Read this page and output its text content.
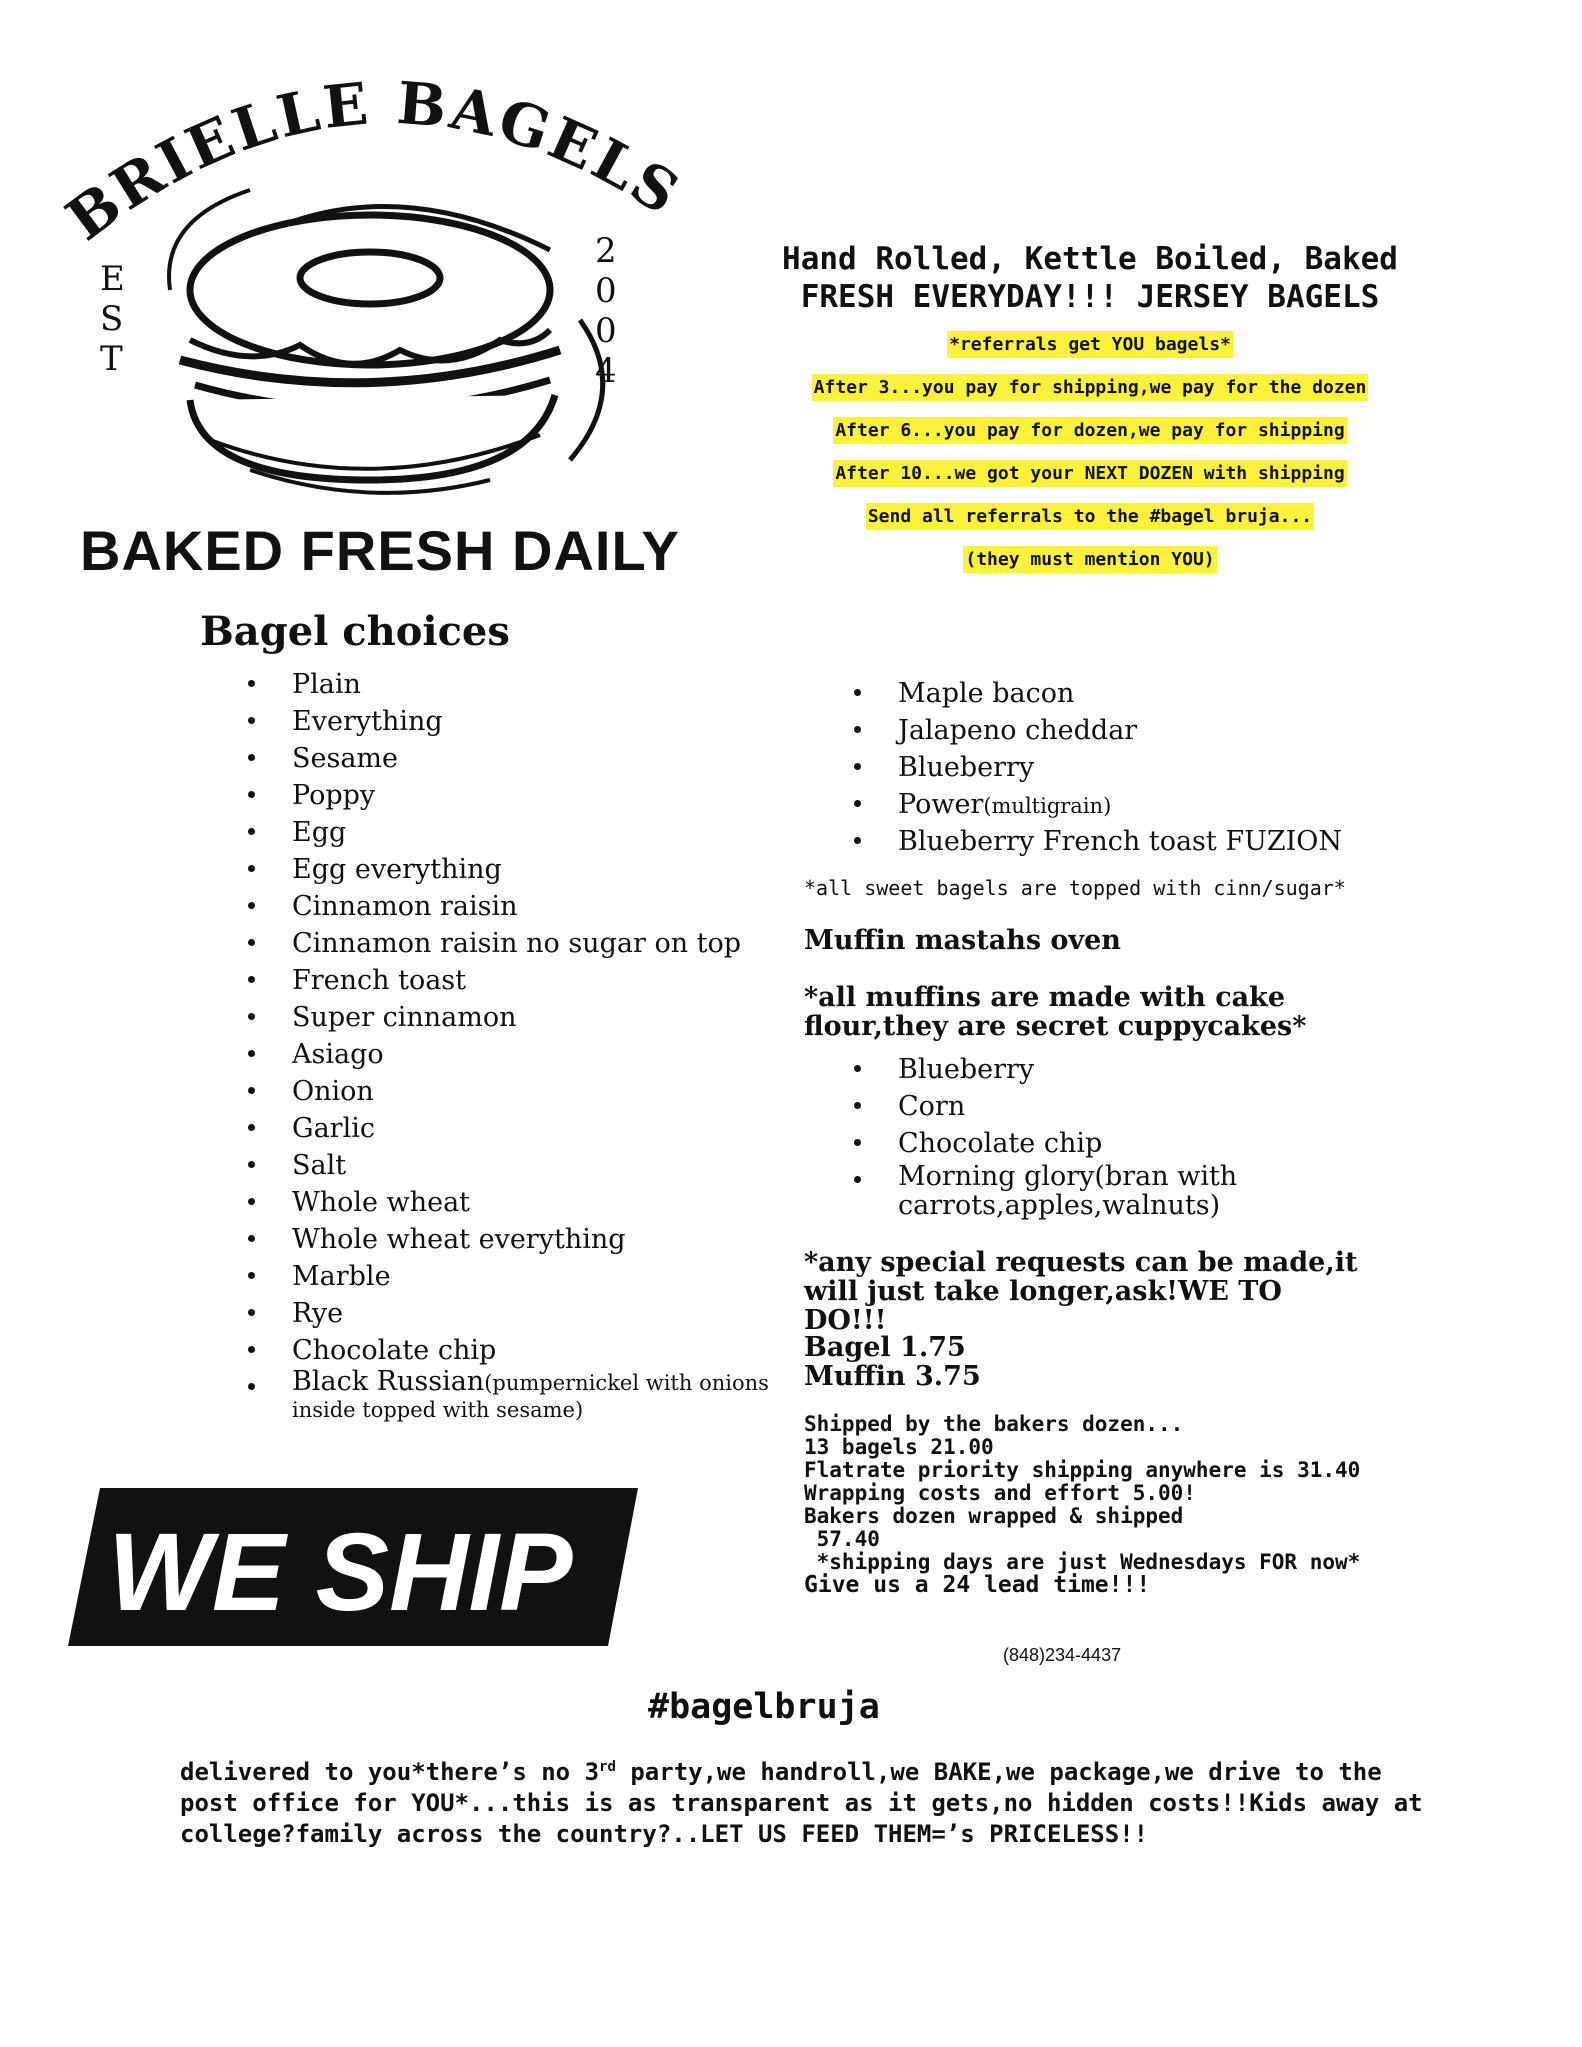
BRIELLE BAGELS
E
S
T
2
0
0
4
BAKED FRESH DAILY
Hand Rolled, Kettle Boiled, Baked
FRESH EVERYDAY!!! JERSEY BAGELS
*referrals get YOU bagels*
After 3...you pay for shipping,we pay for the dozen
After 6...you pay for dozen,we pay for shipping
After 10...we got your NEXT DOZEN with shipping
Send all referrals to the #bagel bruja...
(they must mention YOU)
Bagel choices
Plain
Everything
Sesame
Poppy
Egg
Egg everything
Cinnamon raisin
Cinnamon raisin no sugar on top
French toast
Super cinnamon
Asiago
Onion
Garlic
Salt
Whole wheat
Whole wheat everything
Marble
Rye
Chocolate chip
Black Russian(pumpernickel with onions inside topped with sesame)
Maple bacon
Jalapeno cheddar
Blueberry
Power(multigrain)
Blueberry French toast FUZION
*all sweet bagels are topped with cinn/sugar*
Muffin mastahs oven
*all muffins are made with cake flour,they are secret cuppycakes*
Blueberry
Corn
Chocolate chip
Morning glory(bran with carrots,apples,walnuts)
*any special requests can be made,it will just take longer,ask!WE TO DO!!!
Bagel 1.75
Muffin 3.75
Shipped by the bakers dozen...
13 bagels 21.00
Flatrate priority shipping anywhere is 31.40
Wrapping costs and effort 5.00!
Bakers dozen wrapped & shipped
57.40
*shipping days are just Wednesdays FOR now*
Give us a 24 lead time!!!
WE SHIP
(848)234-4437
#bagelbruja
delivered to you*there’s no 3rd party,we handroll,we BAKE,we package,we drive to the post office for YOU*...this is as transparent as it gets,no hidden costs!!Kids away at college?family across the country?..LET US FEED THEM=’s PRICELESS!!
